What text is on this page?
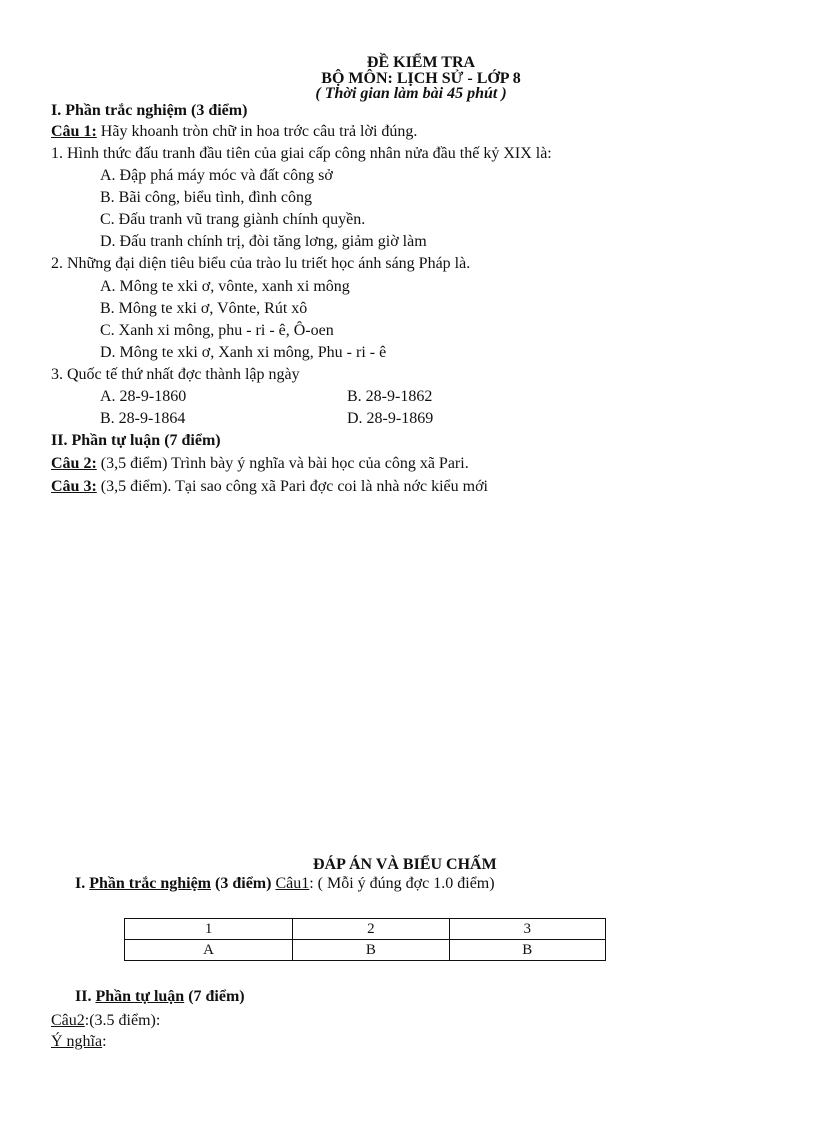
ĐỀ KIỂM TRA
BỘ MÔN: LỊCH SỬ - LỚP 8
( Thời gian làm bài 45 phút )
I. Phần trắc nghiệm (3 điểm)
Câu 1: Hãy khoanh tròn chữ in hoa trớc câu trả lời đúng.
1. Hình thức đấu tranh đầu tiên của giai cấp công nhân nửa đầu thế kỷ XIX là:
A. Đập phá máy móc và đất công sở
B. Bãi công, biểu tình, đình công
C. Đấu tranh vũ trang giành chính quyền.
D. Đấu tranh chính trị, đòi tăng lơng, giảm giờ làm
2. Những đại diện tiêu biểu của trào lu triết học ánh sáng Pháp là.
A. Mông te xki ơ, vônte, xanh xi mông
B. Mông te xki ơ, Vônte, Rút xô
C. Xanh xi mông, phu - ri - ê, Ô-oen
D. Mông te xki ơ, Xanh xi mông, Phu - ri - ê
3. Quốc tế thứ nhất đợc thành lập ngày
A. 28-9-1860	B. 28-9-1862
B. 28-9-1864	D. 28-9-1869
II. Phần tự luận (7 điểm)
Câu 2: (3,5 điểm) Trình bày ý nghĩa và bài học của công xã Pari.
Câu 3: (3,5 điểm). Tại sao công xã Pari đợc coi là nhà nớc kiểu mới
ĐÁP ÁN VÀ BIỂU CHẤM
I. Phần trắc nghiệm (3 điểm) Câu1: ( Mỗi ý đúng đợc 1.0 điểm)
1	2	3
A	B	B
II. Phần tự luận (7 điểm)
Câu2:(3.5 điểm):
Ý nghĩa:
